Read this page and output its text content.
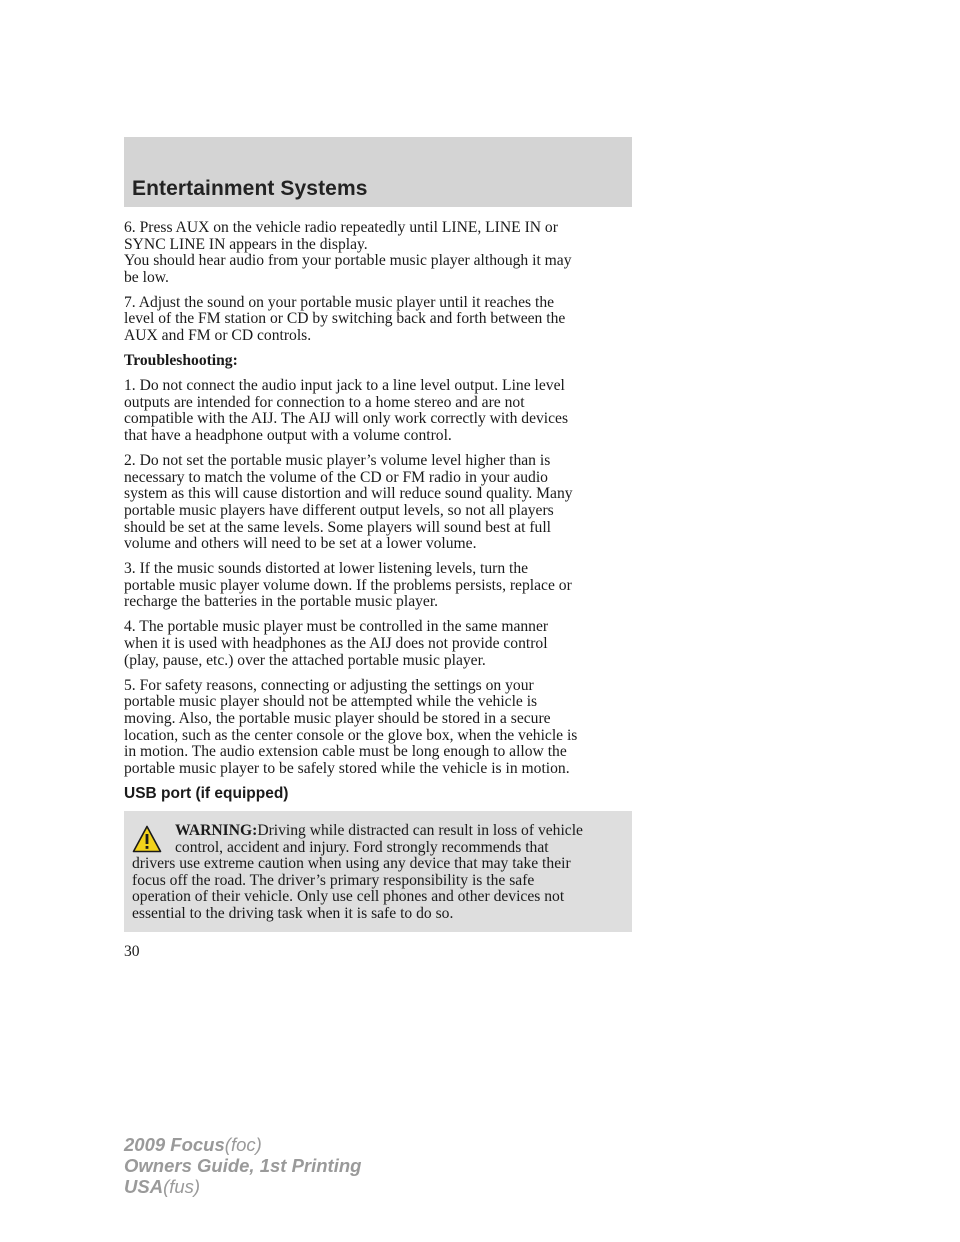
Entertainment Systems

6. Press AUX on the vehicle radio repeatedly until LINE, LINE IN or
SYNC LINE IN appears in the display.
You should hear audio from your portable music player although it may
be low.

7. Adjust the sound on your portable music player until it reaches the
level of the FM station or CD by switching back and forth between the
AUX and FM or CD controls.

Troubleshooting:

1. Do not connect the audio input jack to a line level output. Line level
outputs are intended for connection to a home stereo and are not
compatible with the AIJ. The AIJ will only work correctly with devices
that have a headphone output with a volume control.

2. Do not set the portable music player’s volume level higher than is
necessary to match the volume of the CD or FM radio in your audio
system as this will cause distortion and will reduce sound quality. Many
portable music players have different output levels, so not all players
should be set at the same levels. Some players will sound best at full
volume and others will need to be set at a lower volume.

3. If the music sounds distorted at lower listening levels, turn the
portable music player volume down. If the problems persists, replace or
recharge the batteries in the portable music player.

4. The portable music player must be controlled in the same manner
when it is used with headphones as the AIJ does not provide control
(play, pause, etc.) over the attached portable music player.

5. For safety reasons, connecting or adjusting the settings on your
portable music player should not be attempted while the vehicle is
moving. Also, the portable music player should be stored in a secure
location, such as the center console or the glove box, when the vehicle is
in motion. The audio extension cable must be long enough to allow the
portable music player to be safely stored while the vehicle is in motion.

USB port (if equipped)

WARNING:Driving while distracted can result in loss of vehicle
control, accident and injury. Ford strongly recommends that
drivers use extreme caution when using any device that may take their
focus off the road. The driver’s primary responsibility is the safe
operation of their vehicle. Only use cell phones and other devices not
essential to the driving task when it is safe to do so.
30
2009 Focus(foc)
Owners Guide, 1st Printing
USA(fus)
